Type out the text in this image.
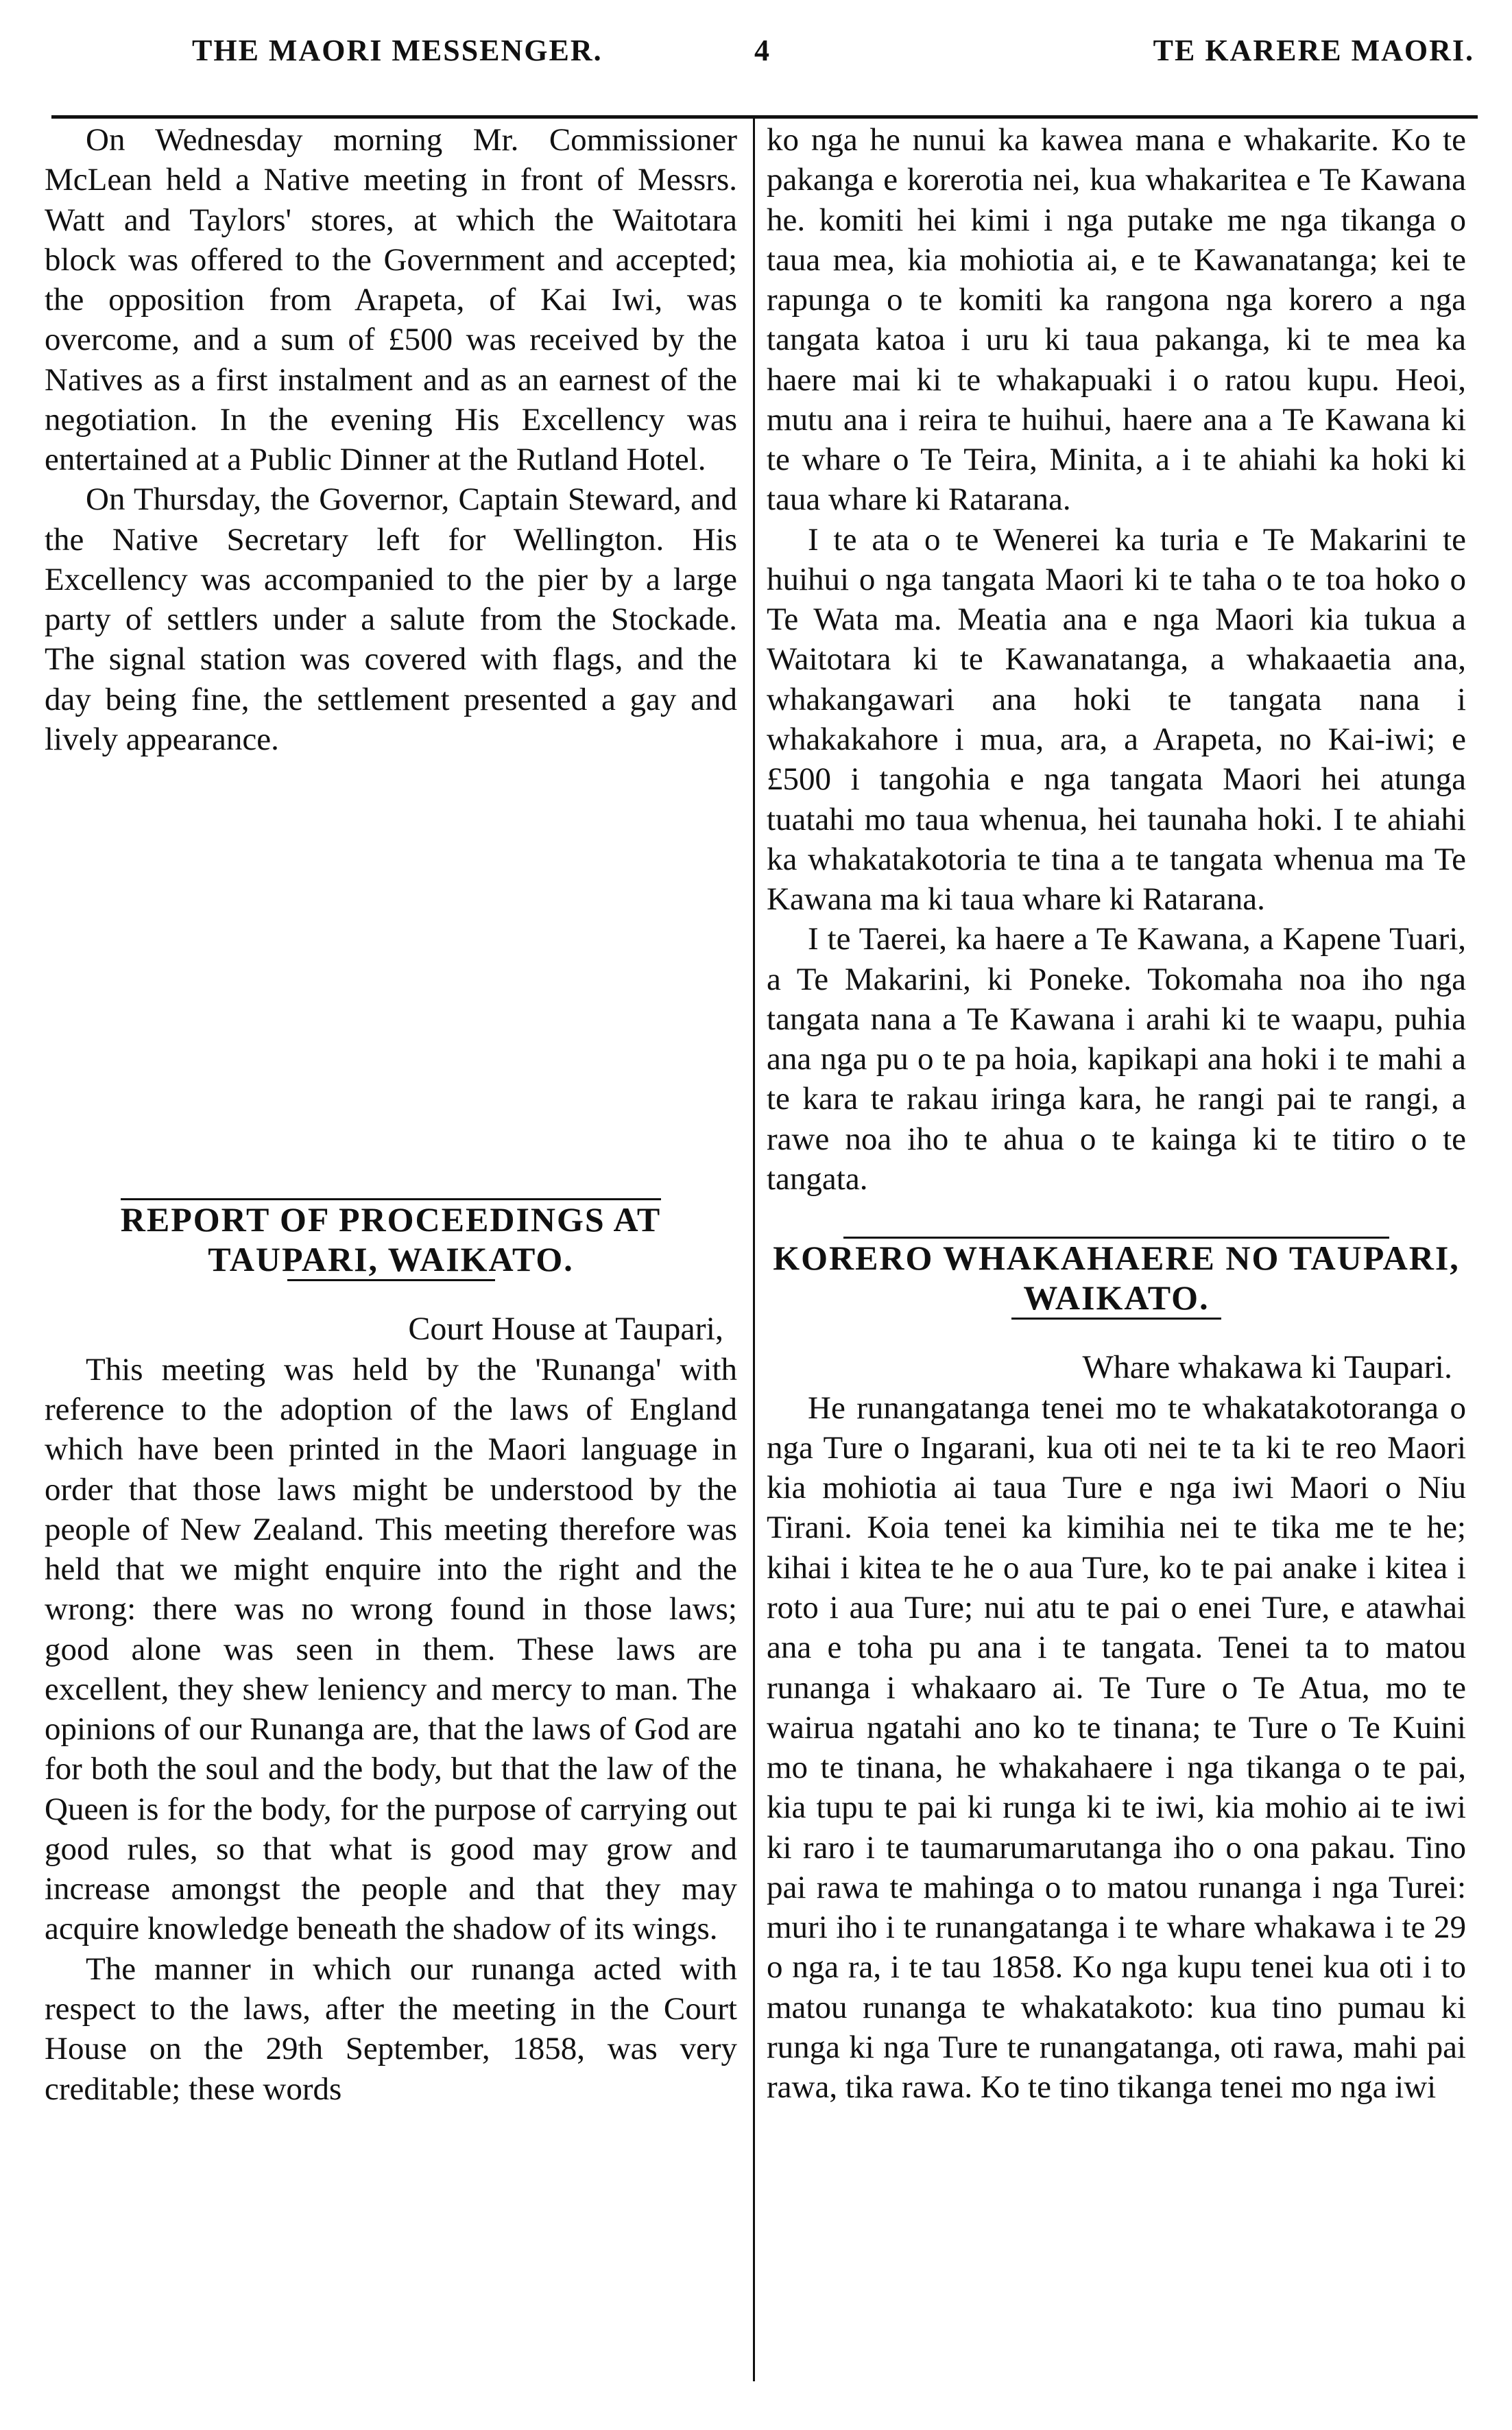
THE MAORI MESSENGER.	4	TE KARERE MAORI.

On Wednesday morning Mr. Commissioner McLean held a Native meeting in front of Messrs. Watt and Taylors' stores, at which the Waitotara block was offered to the Government and accepted; the opposition from Arapeta, of Kai Iwi, was overcome, and a sum of £500 was received by the Natives as a first instalment and as an earnest of the negotiation. In the evening His Excellency was entertained at a Public Dinner at the Rutland Hotel.

On Thursday, the Governor, Captain Steward, and the Native Secretary left for Wellington. His Excellency was accompanied to the pier by a large party of settlers under a salute from the Stockade. The signal station was covered with flags, and the day being fine, the settlement presented a gay and lively appearance.

REPORT OF PROCEEDINGS AT TAUPARI, WAIKATO.

Court House at Taupari,

This meeting was held by the 'Runanga' with reference to the adoption of the laws of England which have been printed in the Maori language in order that those laws might be understood by the people of New Zealand. This meeting therefore was held that we might enquire into the right and the wrong: there was no wrong found in those laws; good alone was seen in them. These laws are excellent, they shew leniency and mercy to man. The opinions of our Runanga are, that the laws of God are for both the soul and the body, but that the law of the Queen is for the body, for the purpose of carrying out good rules, so that what is good may grow and increase amongst the people and that they may acquire knowledge beneath the shadow of its wings.

The manner in which our runanga acted with respect to the laws, after the meeting in the Court House on the 29th September, 1858, was very creditable; these words

ko nga he nunui ka kawea mana e whakarite. Ko te pakanga e korerotia nei, kua whakaritea e Te Kawana he. komiti hei kimi i nga putake me nga tikanga o taua mea, kia mohiotia ai, e te Kawanatanga; kei te rapunga o te komiti ka rangona nga korero a nga tangata katoa i uru ki taua pakanga, ki te mea ka haere mai ki te whakapuaki i o ratou kupu. Heoi, mutu ana i reira te huihui, haere ana a Te Kawana ki te whare o Te Teira, Minita, a i te ahiahi ka hoki ki taua whare ki Ratarana.

I te ata o te Wenerei ka turia e Te Makarini te huihui o nga tangata Maori ki te taha o te toa hoko o Te Wata ma. Meatia ana e nga Maori kia tukua a Waitotara ki te Kawanatanga, a whakaaetia ana, whakangawari ana hoki te tangata nana i whakakahore i mua, ara, a Arapeta, no Kai-iwi; e £500 i tangohia e nga tangata Maori hei atunga tuatahi mo taua whenua, hei taunaha hoki. I te ahiahi ka whakatakotoria te tina a te tangata whenua ma Te Kawana ma ki taua whare ki Ratarana.

I te Taerei, ka haere a Te Kawana, a Kapene Tuari, a Te Makarini, ki Poneke. Tokomaha noa iho nga tangata nana a Te Kawana i arahi ki te waapu, puhia ana nga pu o te pa hoia, kapikapi ana hoki i te mahi a te kara te rakau iringa kara, he rangi pai te rangi, a rawe noa iho te ahua o te kainga ki te titiro o te tangata.

KORERO WHAKAHAERE NO TAUPARI, WAIKATO.

Whare whakawa ki Taupari.

He runangatanga tenei mo te whakatakotoranga o nga Ture o Ingarani, kua oti nei te ta ki te reo Maori kia mohiotia ai taua Ture e nga iwi Maori o Niu Tirani. Koia tenei ka kimihia nei te tika me te he; kihai i kitea te he o aua Ture, ko te pai anake i kitea i roto i aua Ture; nui atu te pai o enei Ture, e atawhai ana e toha pu ana i te tangata. Tenei ta to matou runanga i whakaaro ai. Te Ture o Te Atua, mo te wairua ngatahi ano ko te tinana; te Ture o Te Kuini mo te tinana, he whakahaere i nga tikanga o te pai, kia tupu te pai ki runga ki te iwi, kia mohio ai te iwi ki raro i te taumarumarutanga iho o ona pakau. Tino pai rawa te mahinga o to matou runanga i nga Turei: muri iho i te runangatanga i te whare whakawa i te 29 o nga ra, i te tau 1858. Ko nga kupu tenei kua oti i to matou runanga te whakatakoto: kua tino pumau ki runga ki nga Ture te runangatanga, oti rawa, mahi pai rawa, tika rawa. Ko te tino tikanga tenei mo nga iwi
